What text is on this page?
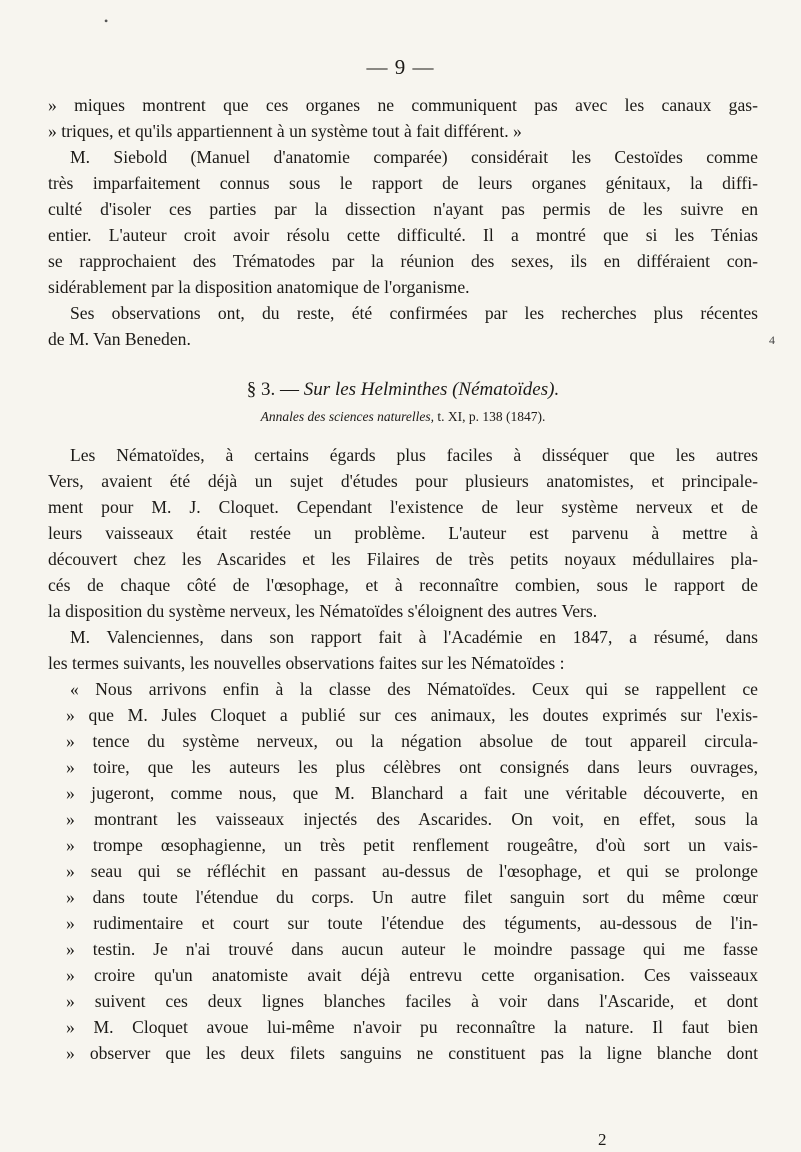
•
— 9 —

» miques montrent que ces organes ne communiquent pas avec les canaux gas-

» triques, et qu'ils appartiennent à un système tout à fait différent. »

M. Siebold (Manuel d'anatomie comparée) considérait les Cestoïdes comme

très imparfaitement connus sous le rapport de leurs organes génitaux, la diffi-

culté d'isoler ces parties par la dissection n'ayant pas permis de les suivre en

entier. L'auteur croit avoir résolu cette difficulté. Il a montré que si les Ténias

se rapprochaient des Trématodes par la réunion des sexes, ils en différaient con-

sidérablement par la disposition anatomique de l'organisme.

Ses observations ont, du reste, été confirmées par les recherches plus récentes

de M. Van Beneden.

§ 3. — Sur les Helminthes (Nématoïdes).
Annales des sciences naturelles, t. XI, p. 138 (1847).

Les Nématoïdes, à certains égards plus faciles à disséquer que les autres

Vers, avaient été déjà un sujet d'études pour plusieurs anatomistes, et principale-

ment pour M. J. Cloquet. Cependant l'existence de leur système nerveux et de

leurs vaisseaux était restée un problème. L'auteur est parvenu à mettre à

découvert chez les Ascarides et les Filaires de très petits noyaux médullaires pla-

cés de chaque côté de l'œsophage, et à reconnaître combien, sous le rapport de

la disposition du système nerveux, les Nématoïdes s'éloignent des autres Vers.

M. Valenciennes, dans son rapport fait à l'Académie en 1847, a résumé, dans

les termes suivants, les nouvelles observations faites sur les Nématoïdes :

« Nous arrivons enfin à la classe des Nématoïdes. Ceux qui se rappellent ce

» que M. Jules Cloquet a publié sur ces animaux, les doutes exprimés sur l'exis-

» tence du système nerveux, ou la négation absolue de tout appareil circula-

» toire, que les auteurs les plus célèbres ont consignés dans leurs ouvrages,

» jugeront, comme nous, que M. Blanchard a fait une véritable découverte, en

» montrant les vaisseaux injectés des Ascarides. On voit, en effet, sous la

» trompe œsophagienne, un très petit renflement rougeâtre, d'où sort un vais-

» seau qui se réfléchit en passant au-dessus de l'œsophage, et qui se prolonge

» dans toute l'étendue du corps. Un autre filet sanguin sort du même cœur

» rudimentaire et court sur toute l'étendue des téguments, au-dessous de l'in-

» testin. Je n'ai trouvé dans aucun auteur le moindre passage qui me fasse

» croire qu'un anatomiste avait déjà entrevu cette organisation. Ces vaisseaux

» suivent ces deux lignes blanches faciles à voir dans l'Ascaride, et dont

» M. Cloquet avoue lui-même n'avoir pu reconnaître la nature. Il faut bien

» observer que les deux filets sanguins ne constituent pas la ligne blanche dont

4
2
